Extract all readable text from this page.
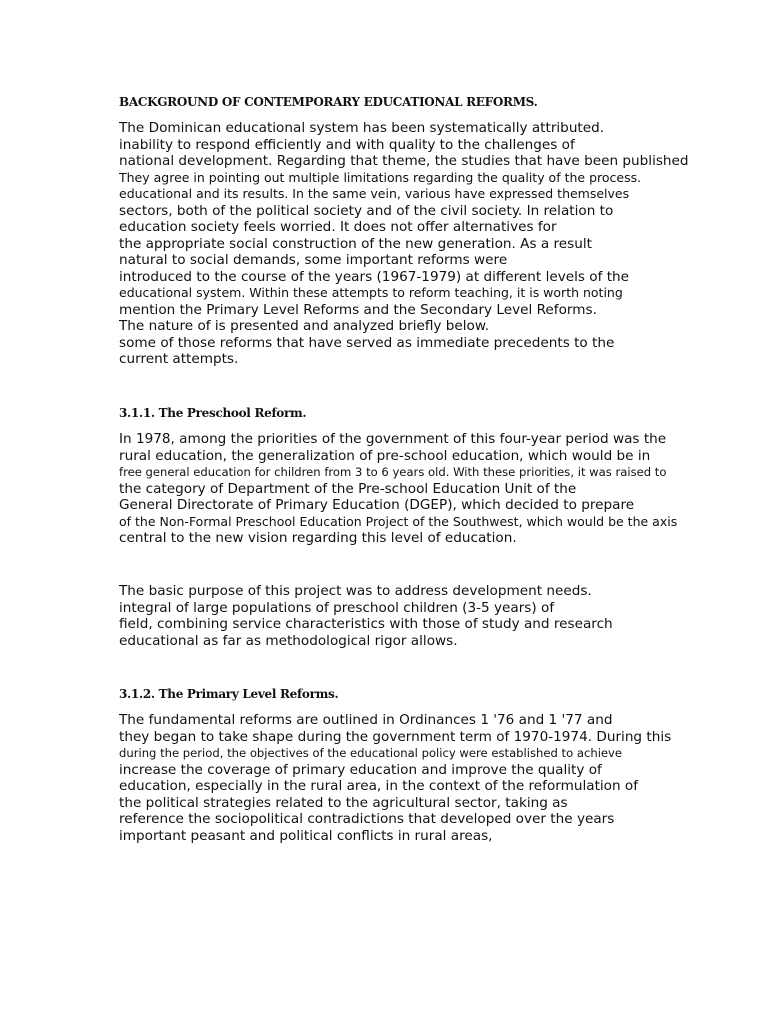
BACKGROUND OF CONTEMPORARY EDUCATIONAL REFORMS.
The Dominican educational system has been systematically attributed.
inability to respond efficiently and with quality to the challenges of
national development. Regarding that theme, the studies that have been published
They agree in pointing out multiple limitations regarding the quality of the process.
educational and its results. In the same vein, various have expressed themselves
sectors, both of the political society and of the civil society. In relation to
education society feels worried. It does not offer alternatives for
the appropriate social construction of the new generation. As a result
natural to social demands, some important reforms were
introduced to the course of the years (1967-1979) at different levels of the
educational system. Within these attempts to reform teaching, it is worth noting
mention the Primary Level Reforms and the Secondary Level Reforms.
The nature of is presented and analyzed briefly below.
some of those reforms that have served as immediate precedents to the
current attempts.
3.1.1. The Preschool Reform.
In 1978, among the priorities of the government of this four-year period was the
rural education, the generalization of pre-school education, which would be in
free general education for children from 3 to 6 years old. With these priorities, it was raised to
the category of Department of the Pre-school Education Unit of the
General Directorate of Primary Education (DGEP), which decided to prepare
of the Non-Formal Preschool Education Project of the Southwest, which would be the axis
central to the new vision regarding this level of education.
The basic purpose of this project was to address development needs.
integral of large populations of preschool children (3-5 years) of
field, combining service characteristics with those of study and research
educational as far as methodological rigor allows.
3.1.2. The Primary Level Reforms.
The fundamental reforms are outlined in Ordinances 1 '76 and 1 '77 and
they began to take shape during the government term of 1970-1974. During this
during the period, the objectives of the educational policy were established to achieve
increase the coverage of primary education and improve the quality of
education, especially in the rural area, in the context of the reformulation of
the political strategies related to the agricultural sector, taking as
reference the sociopolitical contradictions that developed over the years
important peasant and political conflicts in rural areas,
